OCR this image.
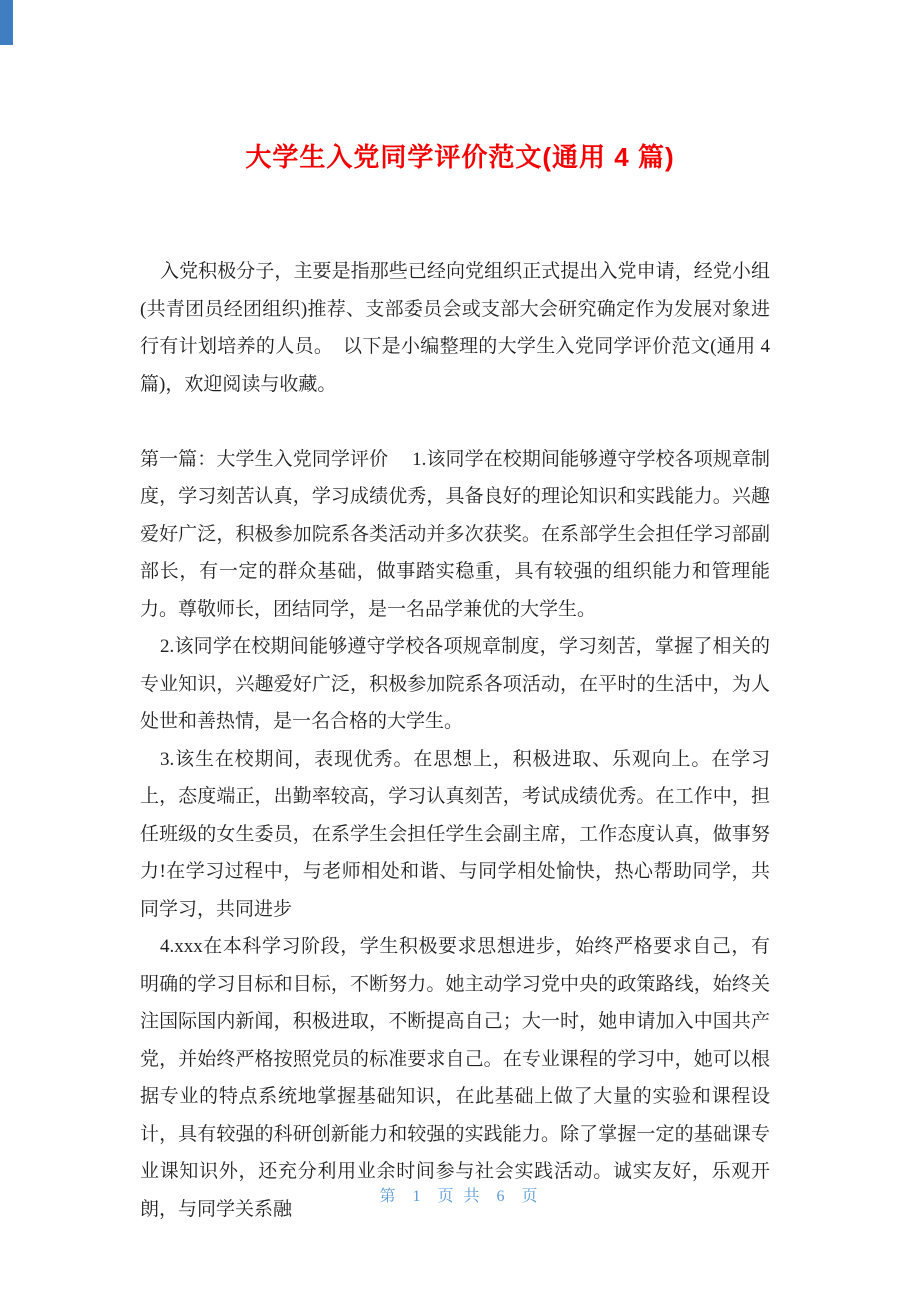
大学生入党同学评价范文(通用 4 篇)

入党积极分子，主要是指那些已经向党组织正式提出入党申请，经党小组(共青团员经团组织)推荐、支部委员会或支部大会研究确定作为发展对象进行有计划培养的人员。　以下是小编整理的大学生入党同学评价范文(通用 4 篇)，欢迎阅读与收藏。

第一篇：大学生入党同学评价　 1.该同学在校期间能够遵守学校各项规章制度，学习刻苦认真，学习成绩优秀，具备良好的理论知识和实践能力。兴趣爱好广泛，积极参加院系各类活动并多次获奖。在系部学生会担任学习部副部长，有一定的群众基础，做事踏实稳重，具有较强的组织能力和管理能力。尊敬师长，团结同学，是一名品学兼优的大学生。

2.该同学在校期间能够遵守学校各项规章制度，学习刻苦，掌握了相关的专业知识，兴趣爱好广泛，积极参加院系各项活动，在平时的生活中，为人处世和善热情，是一名合格的大学生。

3.该生在校期间，表现优秀。在思想上，积极进取、乐观向上。在学习上，态度端正，出勤率较高，学习认真刻苦，考试成绩优秀。在工作中，担任班级的女生委员，在系学生会担任学生会副主席，工作态度认真，做事努力!在学习过程中，与老师相处和谐、与同学相处愉快，热心帮助同学，共同学习，共同进步

4.xxx在本科学习阶段，学生积极要求思想进步，始终严格要求自己，有明确的学习目标和目标，不断努力。她主动学习党中央的政策路线，始终关注国际国内新闻，积极进取，不断提高自己；大一时，她申请加入中国共产党，并始终严格按照党员的标准要求自己。在专业课程的学习中，她可以根据专业的特点系统地掌握基础知识，在此基础上做了大量的实验和课程设计，具有较强的科研创新能力和较强的实践能力。除了掌握一定的基础课专业课知识外，还充分利用业余时间参与社会实践活动。诚实友好，乐观开朗，与同学关系融

第  1  页 共  6  页
